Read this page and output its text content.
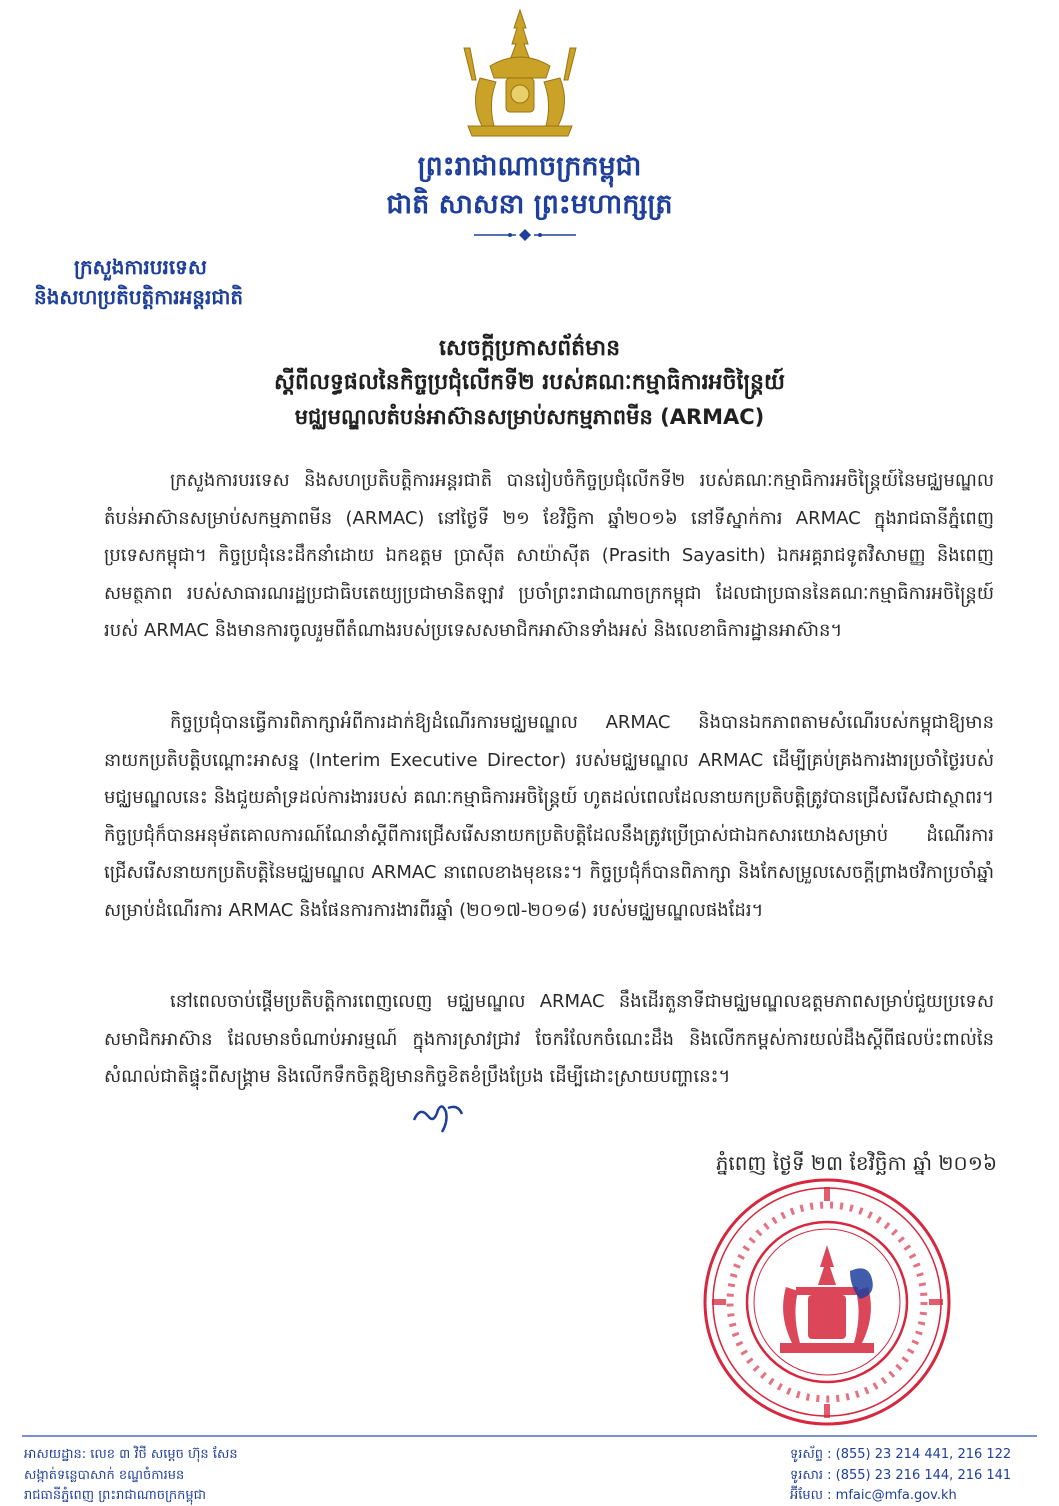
ព្រះរាជាណាចក្រកម្ពុជា
ជាតិ សាសនា ព្រះមហាក្សត្រ
ក្រសួងការបរទេស
និងសហប្រតិបត្តិការអន្តរជាតិ
សេចក្តីប្រកាសព័ត៌មាន
ស្តីពីលទ្ធផលនៃកិច្ចប្រជុំលើកទី២ របស់គណៈកម្មាធិការអចិន្ត្រៃយ៍
មជ្ឈមណ្ឌលតំបន់អាស៊ានសម្រាប់សកម្មភាពមីន (ARMAC)
ក្រសួងការបរទេស និងសហប្រតិបត្តិការអន្តរជាតិ បានរៀបចំកិច្ចប្រជុំលើកទី២ របស់គណៈកម្មាធិការអចិន្ត្រៃយ៍នៃមជ្ឈមណ្ឌលតំបន់អាស៊ានសម្រាប់សកម្មភាពមីន (ARMAC) នៅថ្ងៃទី ២១ ខែវិច្ឆិកា ឆ្នាំ២០១៦ នៅទីស្នាក់ការ ARMAC ក្នុងរាជធានីភ្នំពេញ ប្រទេសកម្ពុជា។ កិច្ចប្រជុំនេះដឹកនាំដោយ ឯកឧត្តម ប្រាស៊ីត សាយ៉ាស៊ីត (Prasith Sayasith) ឯកអគ្គរាជទូតវិសាមញ្ញ និងពេញ សមត្ថភាព របស់សាធារណរដ្ឋប្រជាធិបតេយ្យប្រជាមានិតឡាវ ប្រចាំព្រះរាជាណាចក្រកម្ពុជា ដែលជាប្រធាននៃគណៈកម្មាធិការអចិន្ត្រៃយ៍របស់ ARMAC និងមានការចូលរួមពីតំណាងរបស់ប្រទេសសមាជិកអាស៊ានទាំងអស់ និងលេខាធិការដ្ឋានអាស៊ាន។
កិច្ចប្រជុំបានធ្វើការពិភាក្សាអំពីការដាក់ឱ្យដំណើរការមជ្ឈមណ្ឌល ARMAC និងបានឯកភាពតាមសំណើរបស់កម្ពុជាឱ្យមាននាយកប្រតិបត្តិបណ្តោះអាសន្ន (Interim Executive Director) របស់មជ្ឈមណ្ឌល ARMAC ដើម្បីគ្រប់គ្រងការងារប្រចាំថ្ងៃរបស់មជ្ឈមណ្ឌលនេះ និងជួយគាំទ្រដល់ការងាររបស់ គណៈកម្មាធិការអចិន្ត្រៃយ៍ ហូតដល់ពេលដែលនាយកប្រតិបត្តិត្រូវបានជ្រើសរើសជាស្ថាពរ។ កិច្ចប្រជុំក៏បានអនុម័តគោលការណ៍ណែនាំស្តីពីការជ្រើសរើសនាយកប្រតិបត្តិដែលនឹងត្រូវប្រើប្រាស់ជាឯកសារយោងសម្រាប់ ដំណើរការជ្រើសរើសនាយកប្រតិបត្តិនៃមជ្ឈមណ្ឌល ARMAC នាពេលខាងមុខនេះ។ កិច្ចប្រជុំក៏បានពិភាក្សា និងកែសម្រួលសេចក្តីព្រាងថវិកាប្រចាំឆ្នាំសម្រាប់ដំណើរការ ARMAC និងផែនការការងារពីរឆ្នាំ (២០១៧-២០១៨) របស់មជ្ឈមណ្ឌលផងដែរ។
នៅពេលចាប់ផ្តើមប្រតិបត្តិការពេញលេញ មជ្ឈមណ្ឌល ARMAC នឹងដើរតួនាទីជាមជ្ឈមណ្ឌលឧត្តមភាពសម្រាប់ជួយប្រទេសសមាជិកអាស៊ាន ដែលមានចំណាប់អារម្មណ៍ ក្នុងការស្រាវជ្រាវ ចែករំលែកចំណេះដឹង និងលើកកម្ពស់ការយល់ដឹងស្តីពីផលប៉ះពាល់នៃសំណល់ជាតិផ្ទុះពីសង្គ្រាម និងលើកទឹកចិត្តឱ្យមានកិច្ចខិតខំប្រឹងប្រែង ដើម្បីដោះស្រាយបញ្ហានេះ។
ភ្នំពេញ ថ្ងៃទី ២៣ ខែវិច្ឆិកា ឆ្នាំ ២០១៦
អាសយដ្ឋាន: លេខ ៣ វិថី សម្តេច ហ៊ុន សែន
សង្កាត់ទន្លេបាសាក់ ខណ្ឌចំការមន
រាជធានីភ្នំពេញ ព្រះរាជាណាចក្រកម្ពុជា
ទូរស័ព្ទ : (855) 23 214 441, 216 122
ទូរសារ : (855) 23 216 144, 216 141
អ៊ីមែល : mfaic@mfa.gov.kh
